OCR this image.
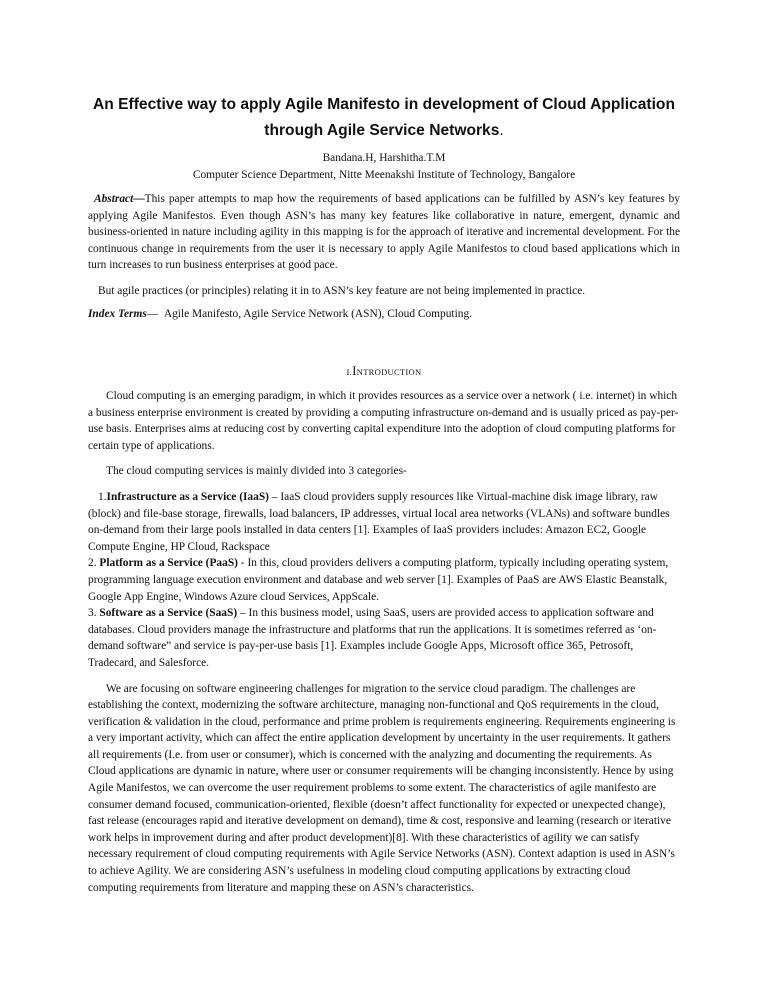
An Effective way to apply Agile Manifesto in development of Cloud Application
through Agile Service Networks.
Bandana.H, Harshitha.T.M
Computer Science Department, Nitte Meenakshi Institute of Technology, Bangalore

Abstract—This paper attempts to map how the requirements of based applications can be fulfilled by ASN’s key features by applying Agile Manifestos. Even though ASN’s has many key features like collaborative in nature, emergent, dynamic and business-oriented in nature including agility in this mapping is for the approach of iterative and incremental development. For the continuous change in requirements from the user it is necessary to apply Agile Manifestos to cloud based applications which in turn increases to run business enterprises at good pace.

But agile practices (or principles) relating it in to ASN’s key feature are not being implemented in practice.

Index Terms— Agile Manifesto, Agile Service Network (ASN), Cloud Computing.

I.INTRODUCTION

Cloud computing is an emerging paradigm, in which it provides resources as a service over a network ( i.e. internet) in which a business enterprise environment is created by providing a computing infrastructure on-demand and is usually priced as pay-per-use basis. Enterprises aims at reducing cost by converting capital expenditure into the adoption of cloud computing platforms for certain type of applications.

The cloud computing services is mainly divided into 3 categories-

1.Infrastructure as a Service (IaaS) – IaaS cloud providers supply resources like Virtual-machine disk image library, raw (block) and file-base storage, firewalls, load balancers, IP addresses, virtual local area networks (VLANs) and software bundles on-demand from their large pools installed in data centers [1]. Examples of IaaS providers includes: Amazon EC2, Google Compute Engine, HP Cloud, Rackspace

2. Platform as a Service (PaaS) - In this, cloud providers delivers a computing platform, typically including operating system, programming language execution environment and database and web server [1]. Examples of PaaS are AWS Elastic Beanstalk, Google App Engine, Windows Azure cloud Services, AppScale.

3. Software as a Service (SaaS) – In this business model, using SaaS, users are provided access to application software and databases. Cloud providers manage the infrastructure and platforms that run the applications. It is sometimes referred as ‘on-demand software” and service is pay-per-use basis [1]. Examples include Google Apps, Microsoft office 365, Petrosoft, Tradecard, and Salesforce.

We are focusing on software engineering challenges for migration to the service cloud paradigm. The challenges are establishing the context, modernizing the software architecture, managing non-functional and QoS requirements in the cloud, verification & validation in the cloud, performance and prime problem is requirements engineering. Requirements engineering is a very important activity, which can affect the entire application development by uncertainty in the user requirements. It gathers all requirements (I.e. from user or consumer), which is concerned with the analyzing and documenting the requirements. As Cloud applications are dynamic in nature, where user or consumer requirements will be changing inconsistently. Hence by using Agile Manifestos, we can overcome the user requirement problems to some extent. The characteristics of agile manifesto are consumer demand focused, communication-oriented, flexible (doesn’t affect functionality for expected or unexpected change), fast release (encourages rapid and iterative development on demand), time & cost, responsive and learning (research or iterative work helps in improvement during and after product development)[8]. With these characteristics of agility we can satisfy necessary requirement of cloud computing requirements with Agile Service Networks (ASN). Context adaption is used in ASN’s to achieve Agility. We are considering ASN’s usefulness in modeling cloud computing applications by extracting cloud computing requirements from literature and mapping these on ASN’s characteristics.
